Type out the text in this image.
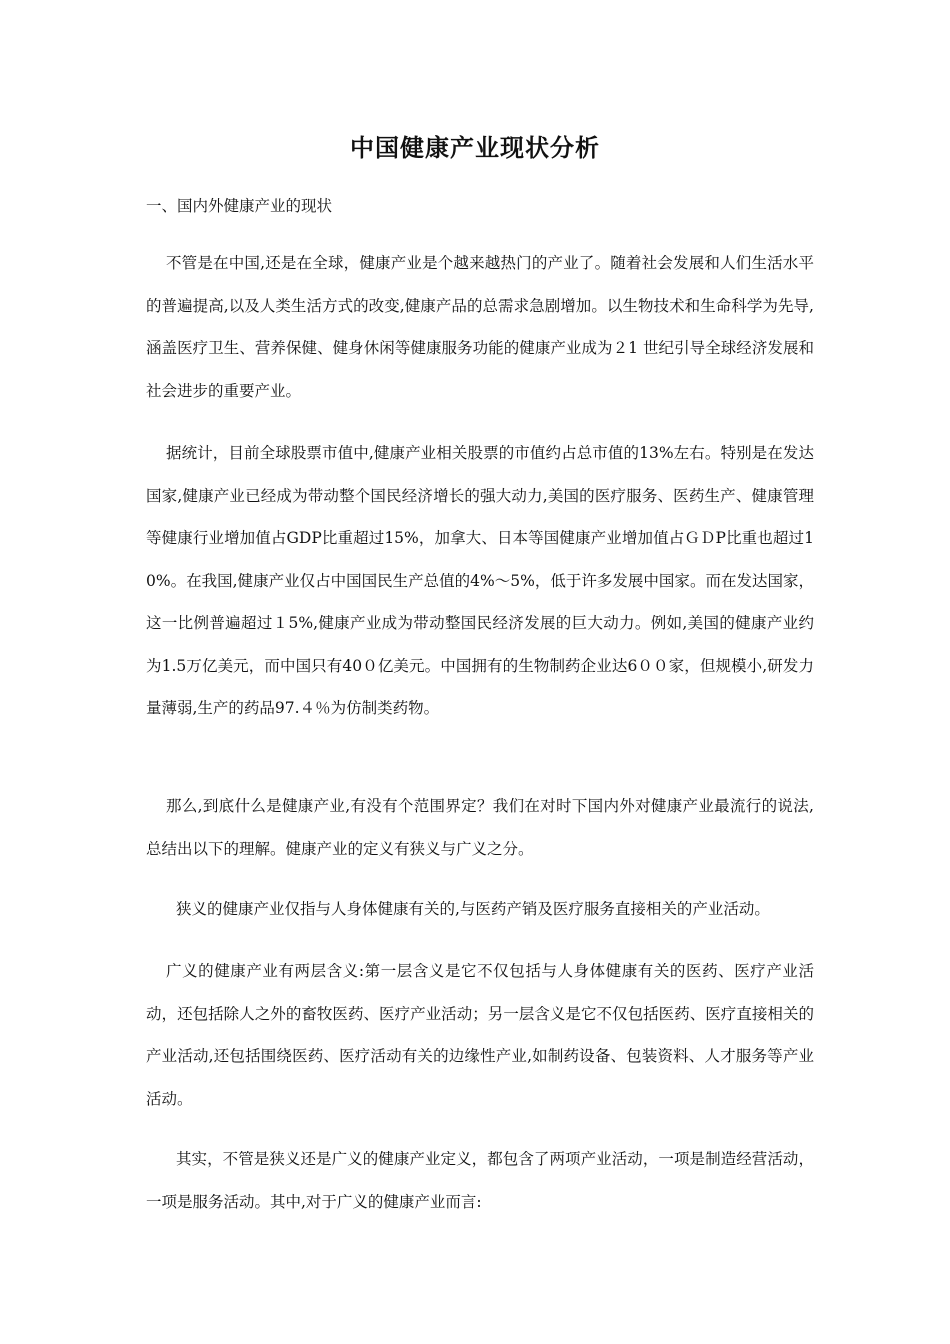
中国健康产业现状分析
一、国内外健康产业的现状
不管是在中国,还是在全球，健康产业是个越来越热门的产业了。随着社会发展和人们生活水平的普遍提高,以及人类生活方式的改变,健康产品的总需求急剧增加。以生物技术和生命科学为先导,涵盖医疗卫生、营养保健、健身休闲等健康服务功能的健康产业成为２1 世纪引导全球经济发展和社会进步的重要产业。
据统计，目前全球股票市值中,健康产业相关股票的市值约占总市值的13%左右。特别是在发达国家,健康产业已经成为带动整个国民经济增长的强大动力,美国的医疗服务、医药生产、健康管理等健康行业增加值占GDP比重超过15%，加拿大、日本等国健康产业增加值占ＧＤP比重也超过10%。在我国,健康产业仅占中国国民生产总值的4%～5%，低于许多发展中国家。而在发达国家，这一比例普遍超过１5%,健康产业成为带动整国民经济发展的巨大动力。例如,美国的健康产业约为1.5万亿美元，而中国只有40０亿美元。中国拥有的生物制药企业达6００家，但规模小,研发力量薄弱,生产的药品97.４％为仿制类药物。
那么,到底什么是健康产业,有没有个范围界定？我们在对时下国内外对健康产业最流行的说法,总结出以下的理解。健康产业的定义有狭义与广义之分。
狭义的健康产业仅指与人身体健康有关的,与医药产销及医疗服务直接相关的产业活动。
广义的健康产业有两层含义:第一层含义是它不仅包括与人身体健康有关的医药、医疗产业活动，还包括除人之外的畜牧医药、医疗产业活动；另一层含义是它不仅包括医药、医疗直接相关的产业活动,还包括围绕医药、医疗活动有关的边缘性产业,如制药设备、包装资料、人才服务等产业活动。
其实，不管是狭义还是广义的健康产业定义，都包含了两项产业活动，一项是制造经营活动，一项是服务活动。其中,对于广义的健康产业而言:
